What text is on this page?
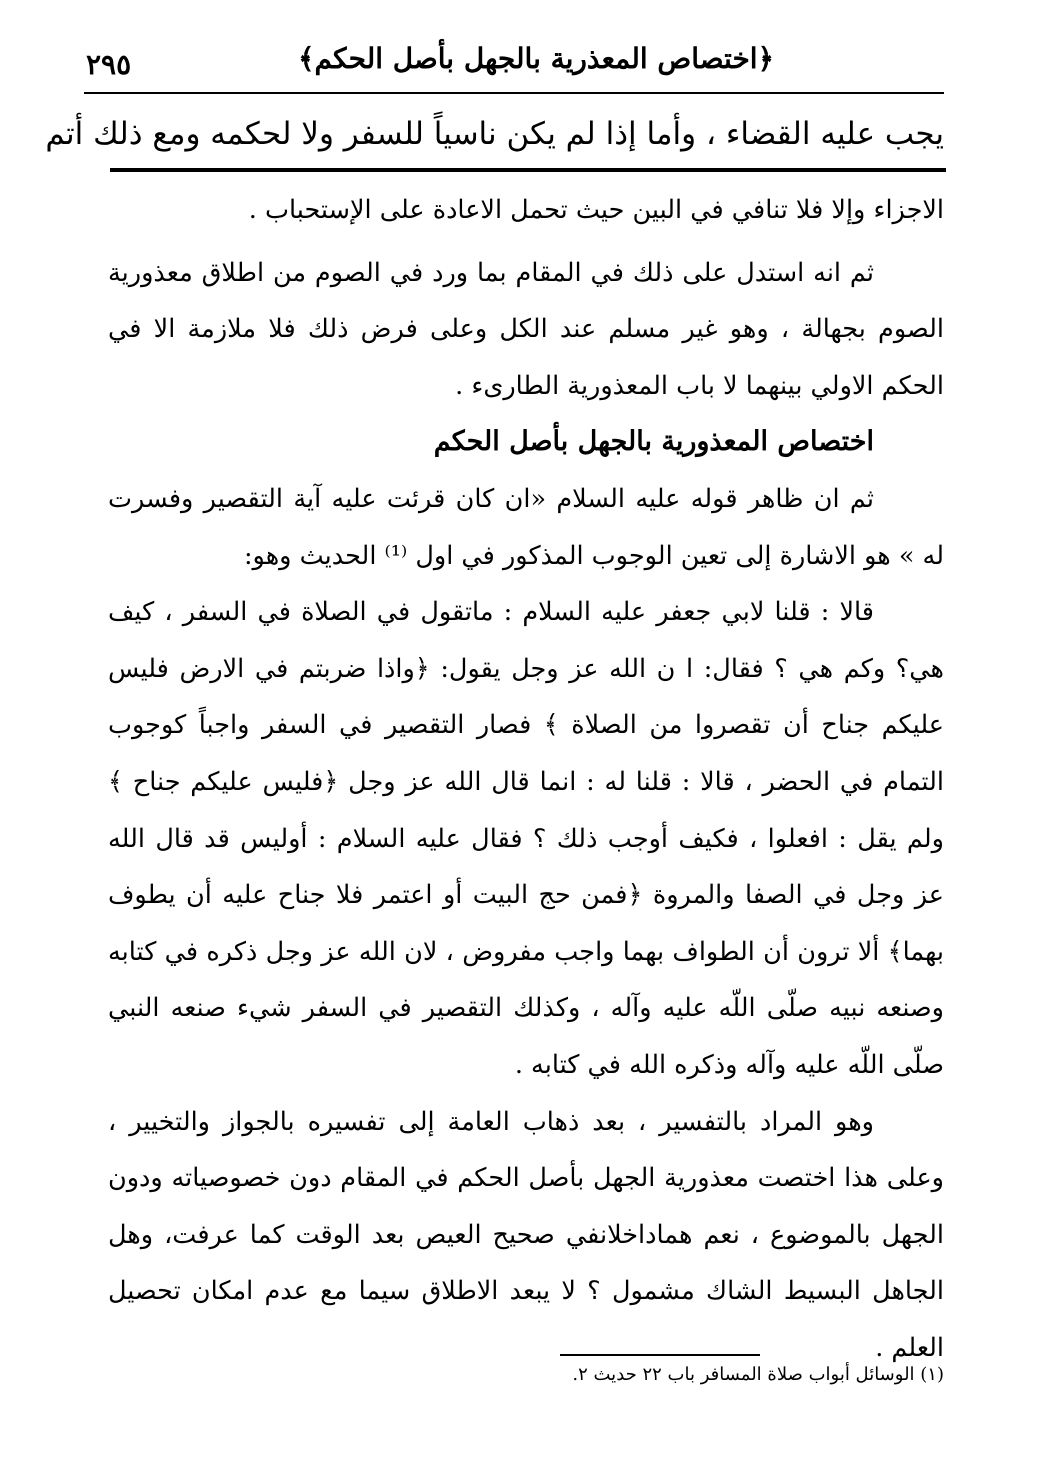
٢٩٥	﴿اختصاص المعذرية بالجهل بأصل الحكم﴾
يجب عليه القضاء ، وأما إذا لم يكن ناسياً للسفر ولا لحكمه ومع ذلك أتم

الاجزاء وإلا فلا تنافي في البين حيث تحمل الاعادة على الإستحباب .

ثم انه استدل على ذلك في المقام بما ورد في الصوم من اطلاق معذورية الصوم بجهالة ، وهو غير مسلم عند الكل وعلى فرض ذلك فلا ملازمة الا في الحكم الاولي بينهما لا باب المعذورية الطارىء .

اختصاص المعذورية بالجهل بأصل الحكم

ثم ان ظاهر قوله عليه السلام «ان كان قرئت عليه آية التقصير وفسرت له » هو الاشارة إلى تعين الوجوب المذكور في اول ⁽¹⁾ الحديث وهو:

قالا : قلنا لابي جعفر عليه السلام : ماتقول في الصلاة في السفر ، كيف هي؟ وكم هي ؟ فقال: ا ن الله عز وجل يقول: ﴿واذا ضربتم في الارض فليس عليكم جناح أن تقصروا من الصلاة ﴾ فصار التقصير في السفر واجباً كوجوب التمام في الحضر ، قالا : قلنا له : انما قال الله عز وجل ﴿فليس عليكم جناح ﴾ ولم يقل : افعلوا ، فكيف أوجب ذلك ؟ فقال عليه السلام : أوليس قد قال الله عز وجل في الصفا والمروة ﴿فمن حج البيت أو اعتمر فلا جناح عليه أن يطوف بهما﴾ ألا ترون أن الطواف بهما واجب مفروض ، لان الله عز وجل ذكره في كتابه وصنعه نبيه صلّى اللّه عليه وآله ، وكذلك التقصير في السفر شيء صنعه النبي صلّى اللّه عليه وآله وذكره الله في كتابه .

وهو المراد بالتفسير ، بعد ذهاب العامة إلى تفسيره بالجواز والتخيير ، وعلى هذا اختصت معذورية الجهل بأصل الحكم في المقام دون خصوصياته ودون الجهل بالموضوع ، نعم هماداخلانفي صحيح العيص بعد الوقت كما عرفت، وهل الجاهل البسيط الشاك مشمول ؟ لا يبعد الاطلاق سيما مع عدم امكان تحصيل العلم .

(١) الوسائل أبواب صلاة المسافر باب ٢٢ حديث ٢.
